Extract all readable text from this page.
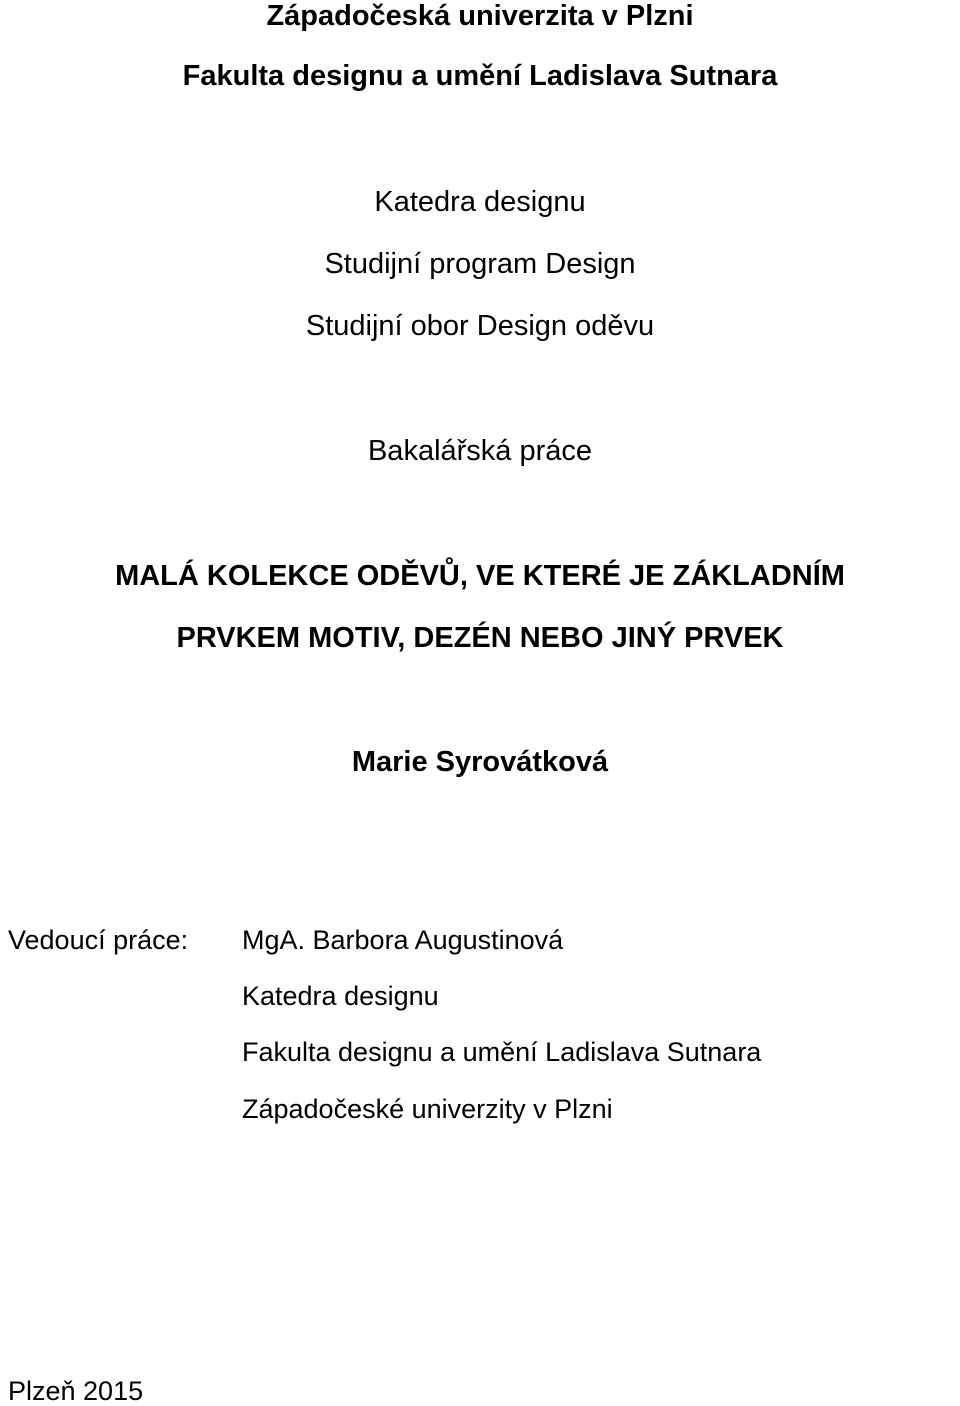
Západočeská univerzita v Plzni
Fakulta designu a umění Ladislava Sutnara
Katedra designu
Studijní program Design
Studijní obor Design oděvu
Bakalářská práce
MALÁ KOLEKCE ODĚVŮ, VE KTERÉ JE ZÁKLADNÍM
PRVKEM MOTIV, DEZÉN NEBO JINÝ PRVEK
Marie Syrovátková
Vedoucí práce: MgA. Barbora Augustinová
Katedra designu
Fakulta designu a umění Ladislava Sutnara
Západočeské univerzity v Plzni
Plzeň 2015
